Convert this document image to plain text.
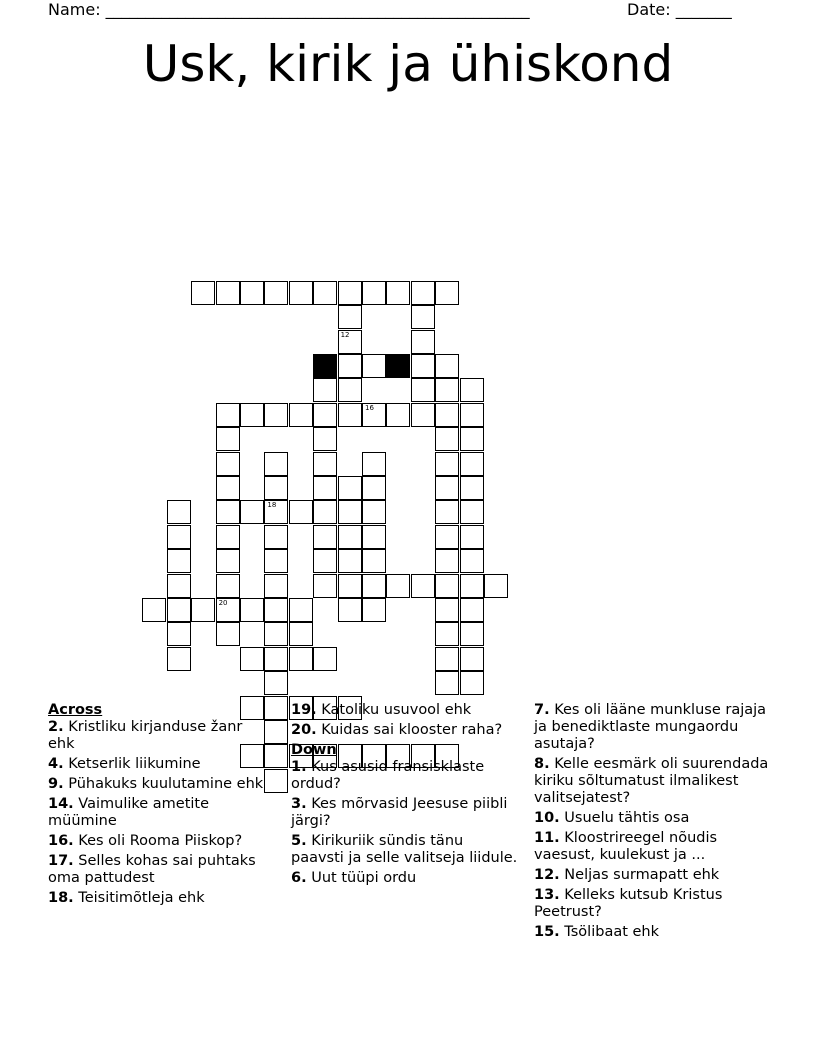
Name: _____________________________________________________	Date: _______
Usk, kirik ja ühiskond
12
15
20
16
18
Across
2. Kristliku kirjanduse žanr ehk
4. Ketserlik liikumine
9. Pühakuks kuulutamine ehk
14. Vaimulike ametite müümine
16. Kes oli Rooma Piiskop?
17. Selles kohas sai puhtaks oma pattudest
18. Teisitimõtleja ehk
19. Katoliku usuvool ehk
20. Kuidas sai klooster raha?
Down
1. Kus asusid fransisklaste ordud?
3. Kes mõrvasid Jeesuse piibli järgi?
5. Kirikuriik sündis tänu paavsti ja selle valitseja liidule.
6. Uut tüüpi ordu
7. Kes oli lääne munkluse rajaja ja benediktlaste mungaordu asutaja?
8. Kelle eesmärk oli suurendada kiriku sõltumatust ilmalikest valitsejatest?
10. Usuelu tähtis osa
11. Kloostrireegel nõudis vaesust, kuulekust ja ...
12. Neljas surmapatt ehk
13. Kelleks kutsub Kristus Peetrust?
15. Tsölibaat ehk
